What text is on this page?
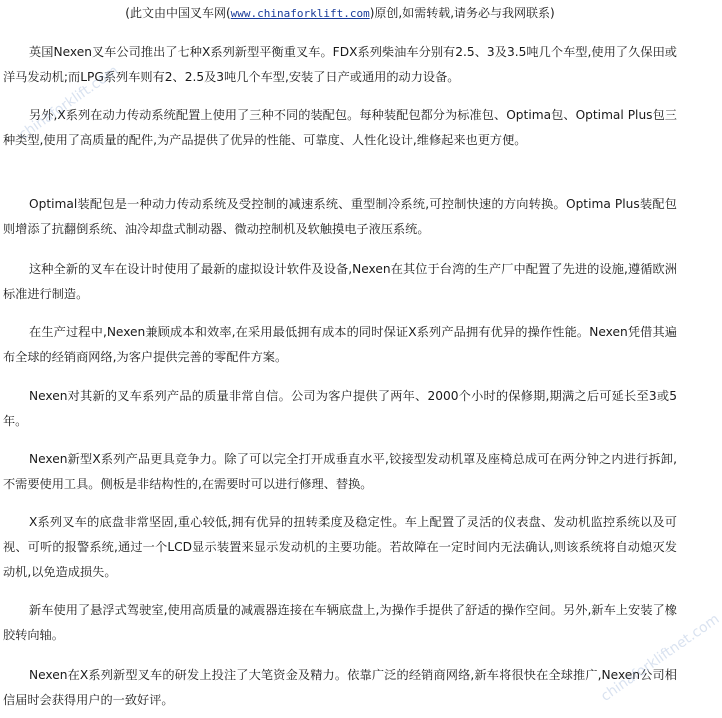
(此文由中国叉车网(www.chinaforklift.com)原创,如需转载,请务必与我网联系)

英国Nexen叉车公司推出了七种X系列新型平衡重叉车。FDX系列柴油车分别有2.5、3及3.5吨几个车型,使用了久保田或洋马发动机;而LPG系列车则有2、2.5及3吨几个车型,安装了日产或通用的动力设备。

另外,X系列在动力传动系统配置上使用了三种不同的装配包。每种装配包都分为标准包、Optima包、Optimal Plus包三种类型,使用了高质量的配件,为产品提供了优异的性能、可靠度、人性化设计,维修起来也更方便。

Optimal装配包是一种动力传动系统及受控制的减速系统、重型制冷系统,可控制快速的方向转换。Optima Plus装配包则增添了抗翻倒系统、油冷却盘式制动器、微动控制机及软触摸电子液压系统。

这种全新的叉车在设计时使用了最新的虚拟设计软件及设备,Nexen在其位于台湾的生产厂中配置了先进的设施,遵循欧洲标准进行制造。

在生产过程中,Nexen兼顾成本和效率,在采用最低拥有成本的同时保证X系列产品拥有优异的操作性能。Nexen凭借其遍布全球的经销商网络,为客户提供完善的零配件方案。

Nexen对其新的叉车系列产品的质量非常自信。公司为客户提供了两年、2000个小时的保修期,期满之后可延长至3或5年。

Nexen新型X系列产品更具竞争力。除了可以完全打开成垂直水平,铰接型发动机罩及座椅总成可在两分钟之内进行拆卸,不需要使用工具。侧板是非结构性的,在需要时可以进行修理、替换。

X系列叉车的底盘非常坚固,重心较低,拥有优异的扭转柔度及稳定性。车上配置了灵活的仪表盘、发动机监控系统以及可视、可听的报警系统,通过一个LCD显示装置来显示发动机的主要功能。若故障在一定时间内无法确认,则该系统将自动熄灭发动机,以免造成损失。

新车使用了悬浮式驾驶室,使用高质量的减震器连接在车辆底盘上,为操作手提供了舒适的操作空间。另外,新车上安装了橡胶转向轴。

Nexen在X系列新型叉车的研发上投注了大笔资金及精力。依靠广泛的经销商网络,新车将很快在全球推广,Nexen公司相信届时会获得用户的一致好评。

chinaforklift.com
chinaforkliftnet.com
